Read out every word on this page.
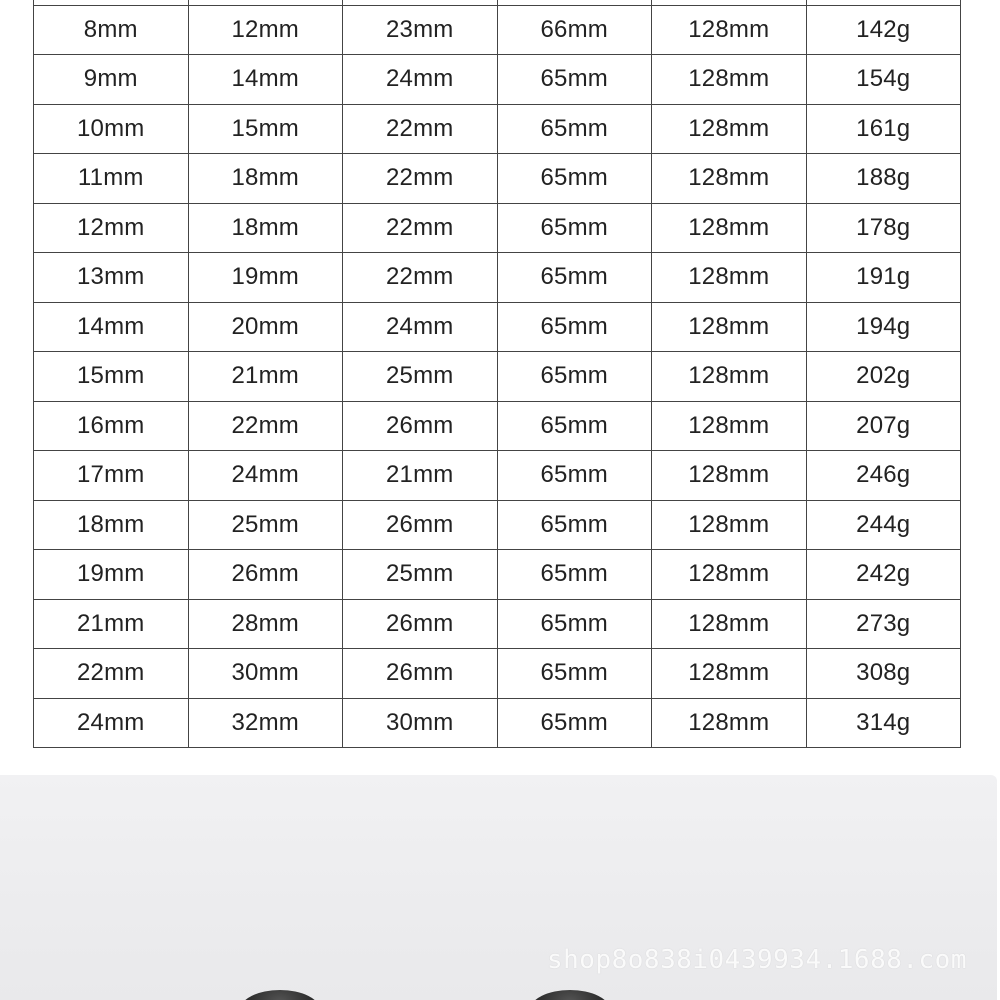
8mm	12mm	23mm	66mm	128mm	142g
9mm	14mm	24mm	65mm	128mm	154g
10mm	15mm	22mm	65mm	128mm	161g
11mm	18mm	22mm	65mm	128mm	188g
12mm	18mm	22mm	65mm	128mm	178g
13mm	19mm	22mm	65mm	128mm	191g
14mm	20mm	24mm	65mm	128mm	194g
15mm	21mm	25mm	65mm	128mm	202g
16mm	22mm	26mm	65mm	128mm	207g
17mm	24mm	21mm	65mm	128mm	246g
18mm	25mm	26mm	65mm	128mm	244g
19mm	26mm	25mm	65mm	128mm	242g
21mm	28mm	26mm	65mm	128mm	273g
22mm	30mm	26mm	65mm	128mm	308g
24mm	32mm	30mm	65mm	128mm	314g
shop8o838i0439934.1688.com
